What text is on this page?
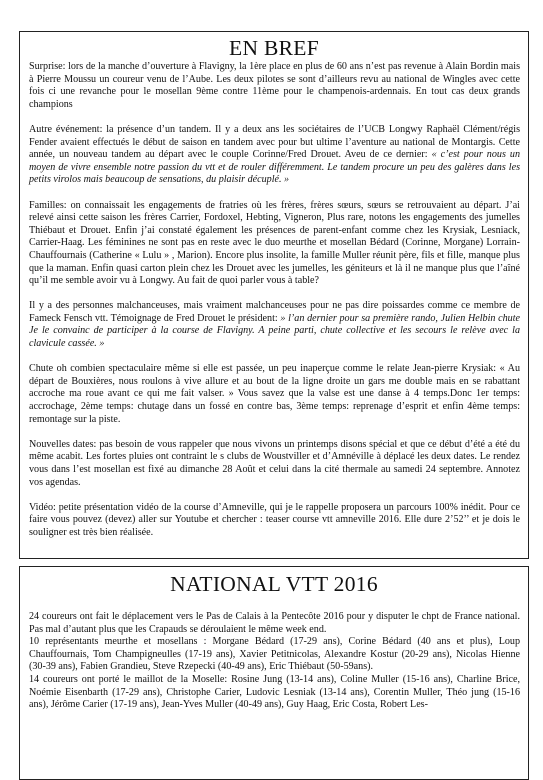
EN BREF

Surprise: lors de la manche d’ouverture à Flavigny, la 1ère place en plus de 60 ans n’est pas revenue à Alain Bordin mais à Pierre Moussu un coureur venu de l’Aube. Les deux pilotes se sont d’ailleurs revu au national de Wingles avec cette fois ci une revanche pour le mosellan 9ème contre 11ème pour le champenois-ardennais. En tout cas deux grands champions

Autre événement: la présence d’un tandem. Il y a deux ans les sociétaires de l’UCB Longwy Raphaël Clément/régis Fender avaient effectués le début de saison en tandem avec pour but ultime l’aventure au national de Montargis. Cette année, un nouveau tandem au départ avec le couple Corinne/Fred Drouet. Aveu de ce dernier: « c’est pour nous un moyen de vivre ensemble notre passion du vtt et de rouler différemment. Le tandem procure un peu des galères dans les petits virolos mais beaucoup de sensations, du plaisir décuplé. »

Familles: on connaissait les engagements de fratries où les frères, frères sœurs, sœurs se retrouvaient au départ. J’ai relevé ainsi cette saison les frères Carrier, Fordoxel, Hebting, Vigneron, Plus rare, notons les engagements des jumelles Thiébaut et Drouet. Enfin j’ai constaté également les présences de parent-enfant comme chez les Krysiak, Lesniack, Carrier-Haag. Les féminines ne sont pas en reste avec le duo meurthe et mosellan Bédard (Corinne, Morgane) Lorrain-Chauffournais (Catherine « Lulu » , Marion). Encore plus insolite, la famille Muller réunit père, fils et fille, manque plus que la maman. Enfin quasi carton plein chez les Drouet avec les jumelles, les géniteurs et là il ne manque plus que l’aîné qu’il me semble avoir vu à Longwy. Au fait de quoi parler vous à table?

Il y a des personnes malchanceuses, mais vraiment malchanceuses pour ne pas dire poissardes comme ce membre de Fameck Fensch vtt. Témoignage de Fred Drouet le président: » l’an dernier pour sa première rando, Julien Helbin chute Je le convainc de participer à la course de Flavigny. A peine parti, chute collective et les secours le relève avec la clavicule cassée. »

Chute oh combien spectaculaire même si elle est passée, un peu inaperçue comme le relate Jean-pierre Krysiak: « Au départ de Bouxières, nous roulons à vive allure et au bout de la ligne droite un gars me double mais en se rabattant accroche ma roue avant ce qui me fait valser. » Vous savez que la valse est une danse à 4 temps.Donc 1er temps: accrochage, 2ème temps: chutage dans un fossé en contre bas, 3ème temps: reprenage d’esprit et enfin 4ème temps: remontage sur la piste.

Nouvelles dates: pas besoin de vous rappeler que nous vivons un printemps disons spécial et que ce début d’été a été du même acabit. Les fortes pluies ont contraint le s clubs de Woustviller et d’Amnéville à déplacé les deux dates. Le rendez vous dans l’est mosellan est fixé au dimanche 28 Août et celui dans la cité thermale au samedi 24 septembre. Annotez vos agendas.

Vidéo: petite présentation vidéo de la course d’Amneville, qui je le rappelle proposera un parcours 100% inédit. Pour ce faire vous pouvez (devez) aller sur Youtube et chercher : teaser course vtt amneville 2016. Elle dure 2’52’’ et je dois le souligner est très bien réalisée.

NATIONAL VTT 2016
24 coureurs ont fait le déplacement vers le Pas de Calais à la Pentecôte 2016 pour y disputer le chpt de France national. Pas mal d’autant plus que les Crapauds se déroulaient le même week end.
10 représentants meurthe et mosellans : Morgane Bédard (17-29 ans), Corine Bédard (40 ans et plus), Loup Chauffournais, Tom Champigneulles (17-19 ans), Xavier Petitnicolas, Alexandre Kostur (20-29 ans), Nicolas Hienne (30-39 ans), Fabien Grandieu, Steve Rzepecki (40-49 ans), Eric Thiébaut (50-59ans).
14 coureurs ont porté le maillot de la Moselle: Rosine Jung (13-14 ans), Coline Muller (15-16 ans), Charline Brice, Noémie Eisenbarth (17-29 ans), Christophe Carier, Ludovic Lesniak (13-14 ans), Corentin Muller, Théo jung (15-16 ans), Jérôme Carier (17-19 ans), Jean-Yves Muller (40-49 ans), Guy Haag, Eric Costa, Robert Les-
